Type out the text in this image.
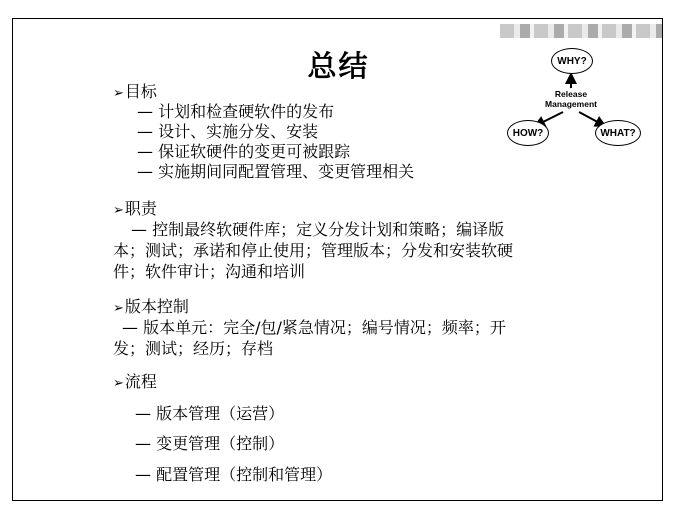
总结	WHY?
Release
Management
HOW?	WHAT?
➢目标
— 计划和检查硬软件的发布
— 设计、实施分发、安装
— 保证软硬件的变更可被跟踪
— 实施期间同配置管理、变更管理相关
➢职责
— 控制最终软硬件库；定义分发计划和策略；编译版
本；测试；承诺和停止使用；管理版本；分发和安装软硬
件；软件审计；沟通和培训
➢版本控制
— 版本单元：完全/包/紧急情况；编号情况；频率；开
发；测试；经历；存档
➢流程
— 版本管理（运营）
— 变更管理（控制）
— 配置管理（控制和管理）
